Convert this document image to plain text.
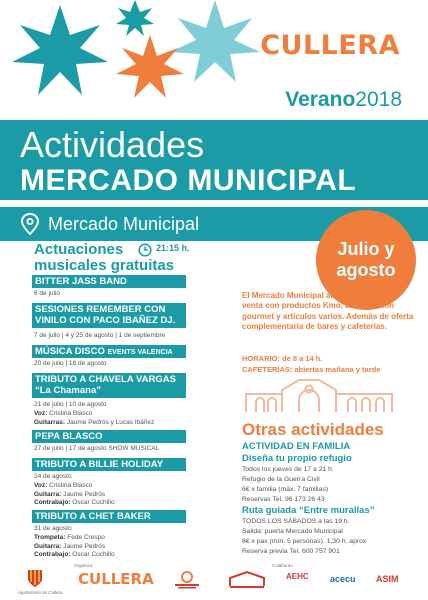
CULLERA
Verano2018
Actividades
MERCADO MUNICIPAL
Mercado Municipal
Julio y agosto
Actuaciones
musicales gratuitas
21:15 h.
BITTER JASS BAND
6 de julio
SESIONES REMEMBER CON VINILO CON PACO IBAÑEZ DJ.
7 de julio | 4 y 25 de agosto | 1 de septiembre
MÚSICA DISCO EVENTS VALENCIA
20 de julio | 18 de agosto
TRIBUTO A CHAVELA VARGAS “La Chamana”
21 de julio | 10 de agosto
Voz: Cristina Blasco
Guitarras: Jaume Pedrós y Lucas Ibáñez
PEPA BLASCO
27 de julio | 17 de agosto SHOW MUSICAL
TRIBUTO A BILLIE HOLIDAY
24 de agosto
Voz: Cristina Blasco
Guitarra: Jaume Pedrós
Contrabajo: Oscar Cuchillo
TRIBUTO A CHET BAKER
31 de agosto
Trompeta: Fede Crespo
Guitarra: Jaume Pedrós
Contrabajo: Oscar Cuchillo
El Mercado Municipal alberga puestos de venta con productos Kmo, alimentación gourmet y artículos varios. Además de oferta complementaria de bares y cafeterías.
HORARIO: de 8 a 14 h.
CAFETERÍAS: abiertas mañana y tarde
Otras actividades
ACTIVIDAD EN FAMILIA
Diseña tu propio refugio
Todos los jueves de 17 a 21 h.
Refugio de la Guerra Civil
6€ x familia (máx. 7 familias)
Reservas Tel. 96 173 26 43
Ruta guiada “Entre murallas”
TODOS LOS SÁBADOS a las 19 h.
Salida: puerta Mercado Municipal
8€ x pax (mín. 5 personas). 1,30 h. aprox
Reserva previa Tel. 600 757 901
Organiza	Colaboran
Ajuntament de Cullera
CULLERA	AEHC acecu ASIM
